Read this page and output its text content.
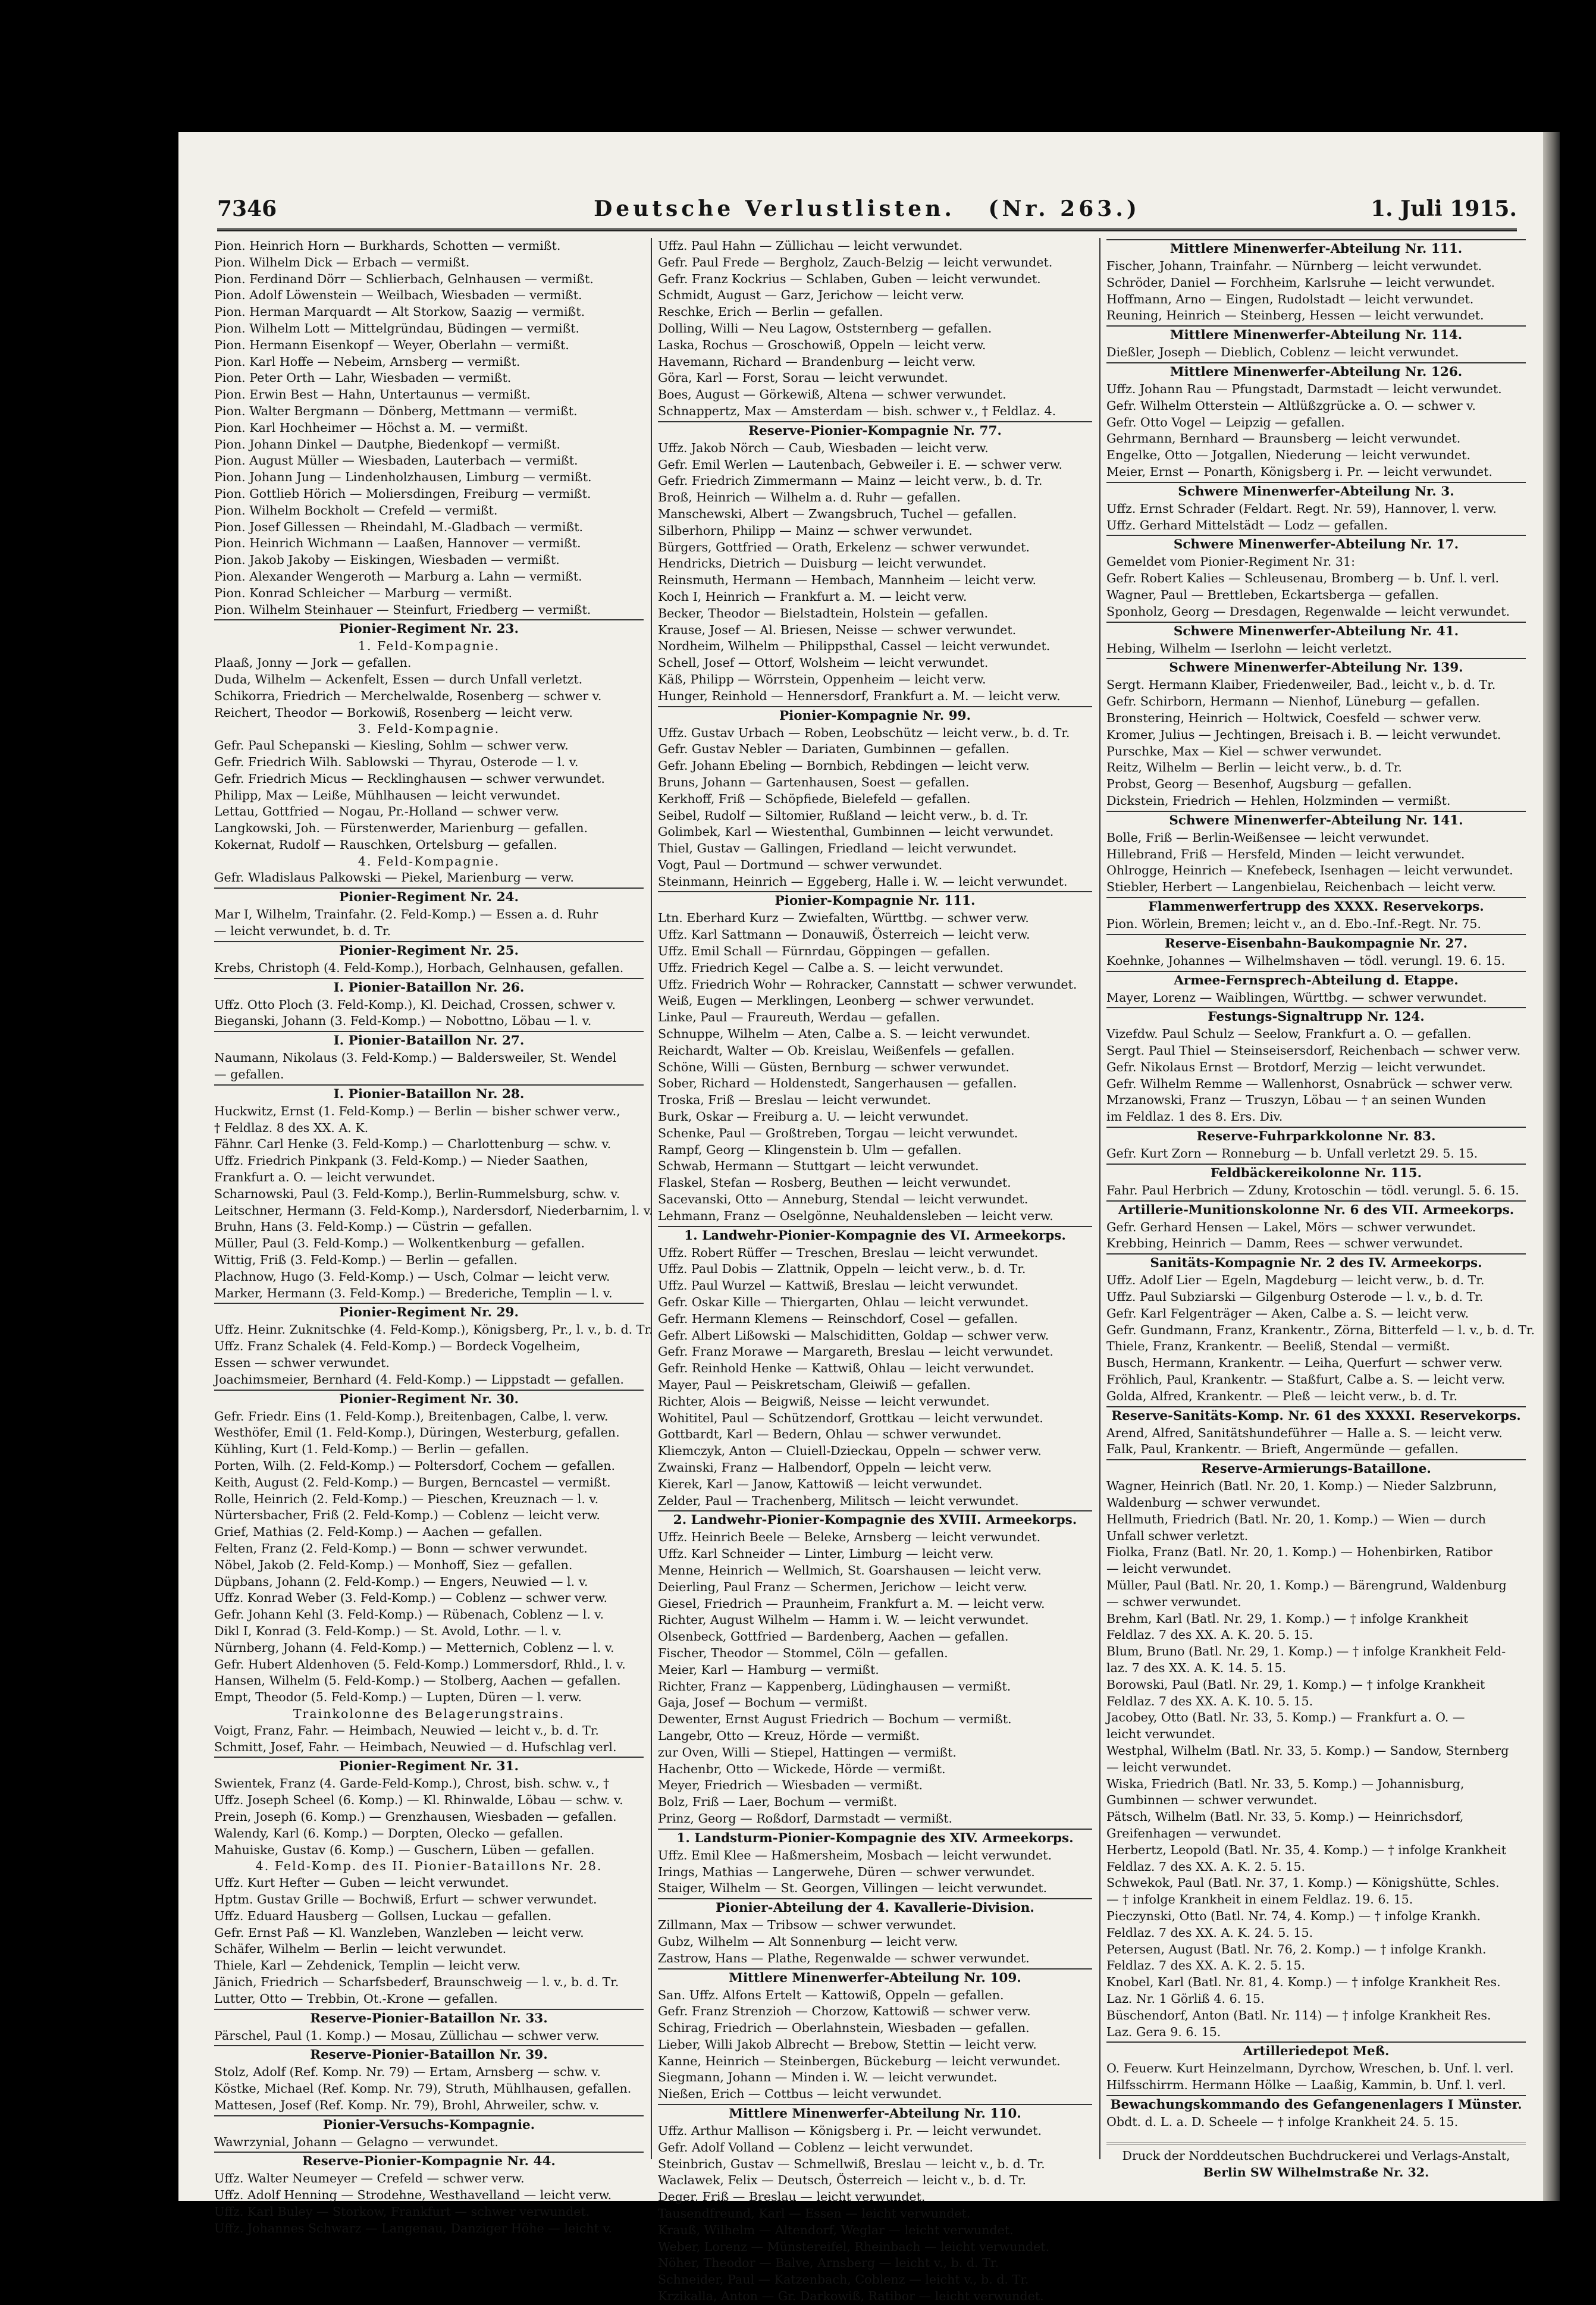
7346	Deutsche Verlustlisten. (Nr. 263.)	1. Juli 1915.
Pion. Heinrich Horn — Burkhards, Schotten — vermißt.
Pion. Wilhelm Dick — Erbach — vermißt.
Pion. Ferdinand Dörr — Schlierbach, Gelnhausen — vermißt.
Pion. Adolf Löwenstein — Weilbach, Wiesbaden — vermißt.
Pion. Herman Marquardt — Alt Storkow, Saazig — vermißt.
Pion. Wilhelm Lott — Mittelgründau, Büdingen — vermißt.
Pion. Hermann Eisenkopf — Weyer, Oberlahn — vermißt.
Pion. Karl Hoffe — Nebeim, Arnsberg — vermißt.
Pion. Peter Orth — Lahr, Wiesbaden — vermißt.
Pion. Erwin Best — Hahn, Untertaunus — vermißt.
Pion. Walter Bergmann — Dönberg, Mettmann — vermißt.
Pion. Karl Hochheimer — Höchst a. M. — vermißt.
Pion. Johann Dinkel — Dautphe, Biedenkopf — vermißt.
Pion. August Müller — Wiesbaden, Lauterbach — vermißt.
Pion. Johann Jung — Lindenholzhausen, Limburg — vermißt.
Pion. Gottlieb Hörich — Moliersdingen, Freiburg — vermißt.
Pion. Wilhelm Bockholt — Crefeld — vermißt.
Pion. Josef Gillessen — Rheindahl, M.-Gladbach — vermißt.
Pion. Heinrich Wichmann — Laaßen, Hannover — vermißt.
Pion. Jakob Jakoby — Eiskingen, Wiesbaden — vermißt.
Pion. Alexander Wengeroth — Marburg a. Lahn — vermißt.
Pion. Konrad Schleicher — Marburg — vermißt.
Pion. Wilhelm Steinhauer — Steinfurt, Friedberg — vermißt.
Pionier-Regiment Nr. 23.
1. Feld-Kompagnie.
Plaaß, Jonny — Jork — gefallen.
Duda, Wilhelm — Ackenfelt, Essen — durch Unfall verletzt.
Schikorra, Friedrich — Merchelwalde, Rosenberg — schwer v.
Reichert, Theodor — Borkowiß, Rosenberg — leicht verw.
3. Feld-Kompagnie.
Gefr. Paul Schepanski — Kiesling, Sohlm — schwer verw.
Gefr. Friedrich Wilh. Sablowski — Thyrau, Osterode — l. v.
Gefr. Friedrich Micus — Recklinghausen — schwer verwundet.
Philipp, Max — Leiße, Mühlhausen — leicht verwundet.
Lettau, Gottfried — Nogau, Pr.-Holland — schwer verw.
Langkowski, Joh. — Fürstenwerder, Marienburg — gefallen.
Kokernat, Rudolf — Rauschken, Ortelsburg — gefallen.
4. Feld-Kompagnie.
Gefr. Wladislaus Palkowski — Piekel, Marienburg — verw.
Pionier-Regiment Nr. 24.
Mar I, Wilhelm, Trainfahr. (2. Feld-Komp.) — Essen a. d. Ruhr
— leicht verwundet, b. d. Tr.
Pionier-Regiment Nr. 25.
Krebs, Christoph (4. Feld-Komp.), Horbach, Gelnhausen, gefallen.
I. Pionier-Bataillon Nr. 26.
Uffz. Otto Ploch (3. Feld-Komp.), Kl. Deichad, Crossen, schwer v.
Bieganski, Johann (3. Feld-Komp.) — Nobottno, Löbau — l. v.
I. Pionier-Bataillon Nr. 27.
Naumann, Nikolaus (3. Feld-Komp.) — Baldersweiler, St. Wendel
— gefallen.
I. Pionier-Bataillon Nr. 28.
Huckwitz, Ernst (1. Feld-Komp.) — Berlin — bisher schwer verw.,
† Feldlaz. 8 des XX. A. K.
Fähnr. Carl Henke (3. Feld-Komp.) — Charlottenburg — schw. v.
Uffz. Friedrich Pinkpank (3. Feld-Komp.) — Nieder Saathen,
Frankfurt a. O. — leicht verwundet.
Scharnowski, Paul (3. Feld-Komp.), Berlin-Rummelsburg, schw. v.
Leitschner, Hermann (3. Feld-Komp.), Nardersdorf, Niederbarnim, l. v.
Bruhn, Hans (3. Feld-Komp.) — Cüstrin — gefallen.
Müller, Paul (3. Feld-Komp.) — Wolkentkenburg — gefallen.
Wittig, Friß (3. Feld-Komp.) — Berlin — gefallen.
Plachnow, Hugo (3. Feld-Komp.) — Usch, Colmar — leicht verw.
Marker, Hermann (3. Feld-Komp.) — Brederiche, Templin — l. v.
Pionier-Regiment Nr. 29.
Uffz. Heinr. Zuknitschke (4. Feld-Komp.), Königsberg, Pr., l. v., b. d. Tr.
Uffz. Franz Schalek (4. Feld-Komp.) — Bordeck Vogelheim,
Essen — schwer verwundet.
Joachimsmeier, Bernhard (4. Feld-Komp.) — Lippstadt — gefallen.
Pionier-Regiment Nr. 30.
Gefr. Friedr. Eins (1. Feld-Komp.), Breitenbagen, Calbe, l. verw.
Westhöfer, Emil (1. Feld-Komp.), Düringen, Westerburg, gefallen.
Kühling, Kurt (1. Feld-Komp.) — Berlin — gefallen.
Porten, Wilh. (2. Feld-Komp.) — Poltersdorf, Cochem — gefallen.
Keith, August (2. Feld-Komp.) — Burgen, Berncastel — vermißt.
Rolle, Heinrich (2. Feld-Komp.) — Pieschen, Kreuznach — l. v.
Nürtersbacher, Friß (2. Feld-Komp.) — Coblenz — leicht verw.
Grief, Mathias (2. Feld-Komp.) — Aachen — gefallen.
Felten, Franz (2. Feld-Komp.) — Bonn — schwer verwundet.
Nöbel, Jakob (2. Feld-Komp.) — Monhoff, Siez — gefallen.
Düpbans, Johann (2. Feld-Komp.) — Engers, Neuwied — l. v.
Uffz. Konrad Weber (3. Feld-Komp.) — Coblenz — schwer verw.
Gefr. Johann Kehl (3. Feld-Komp.) — Rübenach, Coblenz — l. v.
Dikl I, Konrad (3. Feld-Komp.) — St. Avold, Lothr. — l. v.
Nürnberg, Johann (4. Feld-Komp.) — Metternich, Coblenz — l. v.
Gefr. Hubert Aldenhoven (5. Feld-Komp.) Lommersdorf, Rhld., l. v.
Hansen, Wilhelm (5. Feld-Komp.) — Stolberg, Aachen — gefallen.
Empt, Theodor (5. Feld-Komp.) — Lupten, Düren — l. verw.
Trainkolonne des Belagerungstrains.
Voigt, Franz, Fahr. — Heimbach, Neuwied — leicht v., b. d. Tr.
Schmitt, Josef, Fahr. — Heimbach, Neuwied — d. Hufschlag verl.
Pionier-Regiment Nr. 31.
Swientek, Franz (4. Garde-Feld-Komp.), Chrost, bish. schw. v., †
Uffz. Joseph Scheel (6. Komp.) — Kl. Rhinwalde, Löbau — schw. v.
Prein, Joseph (6. Komp.) — Grenzhausen, Wiesbaden — gefallen.
Walendy, Karl (6. Komp.) — Dorpten, Olecko — gefallen.
Mahuiske, Gustav (6. Komp.) — Guschern, Lüben — gefallen.
4. Feld-Komp. des II. Pionier-Bataillons Nr. 28.
Uffz. Kurt Hefter — Guben — leicht verwundet.
Hptm. Gustav Grille — Bochwiß, Erfurt — schwer verwundet.
Uffz. Eduard Hausberg — Gollsen, Luckau — gefallen.
Gefr. Ernst Paß — Kl. Wanzleben, Wanzleben — leicht verw.
Schäfer, Wilhelm — Berlin — leicht verwundet.
Thiele, Karl — Zehdenick, Templin — leicht verw.
Jänich, Friedrich — Scharfsbederf, Braunschweig — l. v., b. d. Tr.
Lutter, Otto — Trebbin, Ot.-Krone — gefallen.
Reserve-Pionier-Bataillon Nr. 33.
Pärschel, Paul (1. Komp.) — Mosau, Züllichau — schwer verw.
Reserve-Pionier-Bataillon Nr. 39.
Stolz, Adolf (Ref. Komp. Nr. 79) — Ertam, Arnsberg — schw. v.
Köstke, Michael (Ref. Komp. Nr. 79), Struth, Mühlhausen, gefallen.
Mattesen, Josef (Ref. Komp. Nr. 79), Brohl, Ahrweiler, schw. v.
Pionier-Versuchs-Kompagnie.
Wawrzynial, Johann — Gelagno — verwundet.
Reserve-Pionier-Kompagnie Nr. 44.
Uffz. Walter Neumeyer — Crefeld — schwer verw.
Uffz. Adolf Henning — Strodehne, Westhavelland — leicht verw.
Uffz. Karl Buley — Storkow, Frankfurt — schwer verwundet.
Uffz. Johannes Schwarz — Langenau, Danziger Höhe — leicht v.
Uffz. Paul Hahn — Züllichau — leicht verwundet.
Gefr. Paul Frede — Bergholz, Zauch-Belzig — leicht verwundet.
Gefr. Franz Kockrius — Schlaben, Guben — leicht verwundet.
Schmidt, August — Garz, Jerichow — leicht verw.
Reschke, Erich — Berlin — gefallen.
Dolling, Willi — Neu Lagow, Oststernberg — gefallen.
Laska, Rochus — Groschowiß, Oppeln — leicht verw.
Havemann, Richard — Brandenburg — leicht verw.
Göra, Karl — Forst, Sorau — leicht verwundet.
Boes, August — Görkewiß, Altena — schwer verwundet.
Schnappertz, Max — Amsterdam — bish. schwer v., † Feldlaz. 4.
Reserve-Pionier-Kompagnie Nr. 77.
Uffz. Jakob Nörch — Caub, Wiesbaden — leicht verw.
Gefr. Emil Werlen — Lautenbach, Gebweiler i. E. — schwer verw.
Gefr. Friedrich Zimmermann — Mainz — leicht verw., b. d. Tr.
Broß, Heinrich — Wilhelm a. d. Ruhr — gefallen.
Manschewski, Albert — Zwangsbruch, Tuchel — gefallen.
Silberhorn, Philipp — Mainz — schwer verwundet.
Bürgers, Gottfried — Orath, Erkelenz — schwer verwundet.
Hendricks, Dietrich — Duisburg — leicht verwundet.
Reinsmuth, Hermann — Hembach, Mannheim — leicht verw.
Koch I, Heinrich — Frankfurt a. M. — leicht verw.
Becker, Theodor — Bielstadtein, Holstein — gefallen.
Krause, Josef — Al. Briesen, Neisse — schwer verwundet.
Nordheim, Wilhelm — Philippsthal, Cassel — leicht verwundet.
Schell, Josef — Ottorf, Wolsheim — leicht verwundet.
Käß, Philipp — Wörrstein, Oppenheim — leicht verw.
Hunger, Reinhold — Hennersdorf, Frankfurt a. M. — leicht verw.
Pionier-Kompagnie Nr. 99.
Uffz. Gustav Urbach — Roben, Leobschütz — leicht verw., b. d. Tr.
Gefr. Gustav Nebler — Dariaten, Gumbinnen — gefallen.
Gefr. Johann Ebeling — Bornbich, Rebdingen — leicht verw.
Bruns, Johann — Gartenhausen, Soest — gefallen.
Kerkhoff, Friß — Schöpfiede, Bielefeld — gefallen.
Seibel, Rudolf — Siltomier, Rußland — leicht verw., b. d. Tr.
Golimbek, Karl — Wiestenthal, Gumbinnen — leicht verwundet.
Thiel, Gustav — Gallingen, Friedland — leicht verwundet.
Vogt, Paul — Dortmund — schwer verwundet.
Steinmann, Heinrich — Eggeberg, Halle i. W. — leicht verwundet.
Pionier-Kompagnie Nr. 111.
Ltn. Eberhard Kurz — Zwiefalten, Württbg. — schwer verw.
Uffz. Karl Sattmann — Donauwiß, Österreich — leicht verw.
Uffz. Emil Schall — Fürnrdau, Göppingen — gefallen.
Uffz. Friedrich Kegel — Calbe a. S. — leicht verwundet.
Uffz. Friedrich Wohr — Rohracker, Cannstatt — schwer verwundet.
Weiß, Eugen — Merklingen, Leonberg — schwer verwundet.
Linke, Paul — Fraureuth, Werdau — gefallen.
Schnuppe, Wilhelm — Aten, Calbe a. S. — leicht verwundet.
Reichardt, Walter — Ob. Kreislau, Weißenfels — gefallen.
Schöne, Willi — Güsten, Bernburg — schwer verwundet.
Sober, Richard — Holdenstedt, Sangerhausen — gefallen.
Troska, Friß — Breslau — leicht verwundet.
Burk, Oskar — Freiburg a. U. — leicht verwundet.
Schenke, Paul — Großtreben, Torgau — leicht verwundet.
Rampf, Georg — Klingenstein b. Ulm — gefallen.
Schwab, Hermann — Stuttgart — leicht verwundet.
Flaskel, Stefan — Rosberg, Beuthen — leicht verwundet.
Sacevanski, Otto — Anneburg, Stendal — leicht verwundet.
Lehmann, Franz — Oselgönne, Neuhaldensleben — leicht verw.
1. Landwehr-Pionier-Kompagnie des VI. Armeekorps.
Uffz. Robert Rüffer — Treschen, Breslau — leicht verwundet.
Uffz. Paul Dobis — Zlattnik, Oppeln — leicht verw., b. d. Tr.
Uffz. Paul Wurzel — Kattwiß, Breslau — leicht verwundet.
Gefr. Oskar Kille — Thiergarten, Ohlau — leicht verwundet.
Gefr. Hermann Klemens — Reinschdorf, Cosel — gefallen.
Gefr. Albert Lißowski — Malschiditten, Goldap — schwer verw.
Gefr. Franz Morawe — Margareth, Breslau — leicht verwundet.
Gefr. Reinhold Henke — Kattwiß, Ohlau — leicht verwundet.
Mayer, Paul — Peiskretscham, Gleiwiß — gefallen.
Richter, Alois — Beigwiß, Neisse — leicht verwundet.
Wohititel, Paul — Schützendorf, Grottkau — leicht verwundet.
Gottbardt, Karl — Bedern, Ohlau — schwer verwundet.
Kliemczyk, Anton — Cluiell-Dzieckau, Oppeln — schwer verw.
Zwainski, Franz — Halbendorf, Oppeln — leicht verw.
Kierek, Karl — Janow, Kattowiß — leicht verwundet.
Zelder, Paul — Trachenberg, Militsch — leicht verwundet.
2. Landwehr-Pionier-Kompagnie des XVIII. Armeekorps.
Uffz. Heinrich Beele — Beleke, Arnsberg — leicht verwundet.
Uffz. Karl Schneider — Linter, Limburg — leicht verw.
Menne, Heinrich — Wellmich, St. Goarshausen — leicht verw.
Deierling, Paul Franz — Schermen, Jerichow — leicht verw.
Giesel, Friedrich — Praunheim, Frankfurt a. M. — leicht verw.
Richter, August Wilhelm — Hamm i. W. — leicht verwundet.
Olsenbeck, Gottfried — Bardenberg, Aachen — gefallen.
Fischer, Theodor — Stommel, Cöln — gefallen.
Meier, Karl — Hamburg — vermißt.
Richter, Franz — Kappenberg, Lüdinghausen — vermißt.
Gaja, Josef — Bochum — vermißt.
Dewenter, Ernst August Friedrich — Bochum — vermißt.
Langebr, Otto — Kreuz, Hörde — vermißt.
zur Oven, Willi — Stiepel, Hattingen — vermißt.
Hachenbr, Otto — Wickede, Hörde — vermißt.
Meyer, Friedrich — Wiesbaden — vermißt.
Bolz, Friß — Laer, Bochum — vermißt.
Prinz, Georg — Roßdorf, Darmstadt — vermißt.
1. Landsturm-Pionier-Kompagnie des XIV. Armeekorps.
Uffz. Emil Klee — Haßmersheim, Mosbach — leicht verwundet.
Irings, Mathias — Langerwehe, Düren — schwer verwundet.
Staiger, Wilhelm — St. Georgen, Villingen — leicht verwundet.
Pionier-Abteilung der 4. Kavallerie-Division.
Zillmann, Max — Tribsow — schwer verwundet.
Gubz, Wilhelm — Alt Sonnenburg — leicht verw.
Zastrow, Hans — Plathe, Regenwalde — schwer verwundet.
Mittlere Minenwerfer-Abteilung Nr. 109.
San. Uffz. Alfons Ertelt — Kattowiß, Oppeln — gefallen.
Gefr. Franz Strenzioh — Chorzow, Kattowiß — schwer verw.
Schirag, Friedrich — Oberlahnstein, Wiesbaden — gefallen.
Lieber, Willi Jakob Albrecht — Brebow, Stettin — leicht verw.
Kanne, Heinrich — Steinbergen, Bückeburg — leicht verwundet.
Siegmann, Johann — Minden i. W. — leicht verwundet.
Nießen, Erich — Cottbus — leicht verwundet.
Mittlere Minenwerfer-Abteilung Nr. 110.
Uffz. Arthur Mallison — Königsberg i. Pr. — leicht verwundet.
Gefr. Adolf Volland — Coblenz — leicht verwundet.
Steinbrich, Gustav — Schmellwiß, Breslau — leicht v., b. d. Tr.
Waclawek, Felix — Deutsch, Österreich — leicht v., b. d. Tr.
Deger, Friß — Breslau — leicht verwundet.
Tausendfreund, Karl — Essen — leicht verwundet.
Krauß, Wilhelm — Altendorf, Weglar — leicht verwundet.
Weber, Lorenz — Münstereifel, Rheinbach — leicht verwundet.
Nöher, Theodor — Balve, Arnsberg — leicht v., b. d. Tr.
Schneider, Paul — Katzenbach, Coblenz — leicht v., b. d. Tr.
Krzikalla, Anton — Gr. Darkowiß, Ratibor — leicht verwundet.
Mittlere Minenwerfer-Abteilung Nr. 111.
Fischer, Johann, Trainfahr. — Nürnberg — leicht verwundet.
Schröder, Daniel — Forchheim, Karlsruhe — leicht verwundet.
Hoffmann, Arno — Eingen, Rudolstadt — leicht verwundet.
Reuning, Heinrich — Steinberg, Hessen — leicht verwundet.
Mittlere Minenwerfer-Abteilung Nr. 114.
Dießler, Joseph — Dieblich, Coblenz — leicht verwundet.
Mittlere Minenwerfer-Abteilung Nr. 126.
Uffz. Johann Rau — Pfungstadt, Darmstadt — leicht verwundet.
Gefr. Wilhelm Otterstein — Altlüßzgrücke a. O. — schwer v.
Gefr. Otto Vogel — Leipzig — gefallen.
Gehrmann, Bernhard — Braunsberg — leicht verwundet.
Engelke, Otto — Jotgallen, Niederung — leicht verwundet.
Meier, Ernst — Ponarth, Königsberg i. Pr. — leicht verwundet.
Schwere Minenwerfer-Abteilung Nr. 3.
Uffz. Ernst Schrader (Feldart. Regt. Nr. 59), Hannover, l. verw.
Uffz. Gerhard Mittelstädt — Lodz — gefallen.
Schwere Minenwerfer-Abteilung Nr. 17.
Gemeldet vom Pionier-Regiment Nr. 31:
Gefr. Robert Kalies — Schleusenau, Bromberg — b. Unf. l. verl.
Wagner, Paul — Brettleben, Eckartsberga — gefallen.
Sponholz, Georg — Dresdagen, Regenwalde — leicht verwundet.
Schwere Minenwerfer-Abteilung Nr. 41.
Hebing, Wilhelm — Iserlohn — leicht verletzt.
Schwere Minenwerfer-Abteilung Nr. 139.
Sergt. Hermann Klaiber, Friedenweiler, Bad., leicht v., b. d. Tr.
Gefr. Schirborn, Hermann — Nienhof, Lüneburg — gefallen.
Bronstering, Heinrich — Holtwick, Coesfeld — schwer verw.
Kromer, Julius — Jechtingen, Breisach i. B. — leicht verwundet.
Purschke, Max — Kiel — schwer verwundet.
Reitz, Wilhelm — Berlin — leicht verw., b. d. Tr.
Probst, Georg — Besenhof, Augsburg — gefallen.
Dickstein, Friedrich — Hehlen, Holzminden — vermißt.
Schwere Minenwerfer-Abteilung Nr. 141.
Bolle, Friß — Berlin-Weißensee — leicht verwundet.
Hillebrand, Friß — Hersfeld, Minden — leicht verwundet.
Ohlrogge, Heinrich — Knefebeck, Isenhagen — leicht verwundet.
Stiebler, Herbert — Langenbielau, Reichenbach — leicht verw.
Flammenwerfertrupp des XXXX. Reservekorps.
Pion. Wörlein, Bremen; leicht v., an d. Ebo.-Inf.-Regt. Nr. 75.
Reserve-Eisenbahn-Baukompagnie Nr. 27.
Koehnke, Johannes — Wilhelmshaven — tödl. verungl. 19. 6. 15.
Armee-Fernsprech-Abteilung d. Etappe.
Mayer, Lorenz — Waiblingen, Württbg. — schwer verwundet.
Festungs-Signaltrupp Nr. 124.
Vizefdw. Paul Schulz — Seelow, Frankfurt a. O. — gefallen.
Sergt. Paul Thiel — Steinseisersdorf, Reichenbach — schwer verw.
Gefr. Nikolaus Ernst — Brotdorf, Merzig — leicht verwundet.
Gefr. Wilhelm Remme — Wallenhorst, Osnabrück — schwer verw.
Mrzanowski, Franz — Truszyn, Löbau — † an seinen Wunden
im Feldlaz. 1 des 8. Ers. Div.
Reserve-Fuhrparkkolonne Nr. 83.
Gefr. Kurt Zorn — Ronneburg — b. Unfall verletzt 29. 5. 15.
Feldbäckereikolonne Nr. 115.
Fahr. Paul Herbrich — Zduny, Krotoschin — tödl. verungl. 5. 6. 15.
Artillerie-Munitionskolonne Nr. 6 des VII. Armeekorps.
Gefr. Gerhard Hensen — Lakel, Mörs — schwer verwundet.
Krebbing, Heinrich — Damm, Rees — schwer verwundet.
Sanitäts-Kompagnie Nr. 2 des IV. Armeekorps.
Uffz. Adolf Lier — Egeln, Magdeburg — leicht verw., b. d. Tr.
Uffz. Paul Subziarski — Gilgenburg Osterode — l. v., b. d. Tr.
Gefr. Karl Felgenträger — Aken, Calbe a. S. — leicht verw.
Gefr. Gundmann, Franz, Krankentr., Zörna, Bitterfeld — l. v., b. d. Tr.
Thiele, Franz, Krankentr. — Beeliß, Stendal — vermißt.
Busch, Hermann, Krankentr. — Leiha, Querfurt — schwer verw.
Fröhlich, Paul, Krankentr. — Staßfurt, Calbe a. S. — leicht verw.
Golda, Alfred, Krankentr. — Pleß — leicht verw., b. d. Tr.
Reserve-Sanitäts-Komp. Nr. 61 des XXXXI. Reservekorps.
Arend, Alfred, Sanitätshundeführer — Halle a. S. — leicht verw.
Falk, Paul, Krankentr. — Brieft, Angermünde — gefallen.
Reserve-Armierungs-Bataillone.
Wagner, Heinrich (Batl. Nr. 20, 1. Komp.) — Nieder Salzbrunn,
Waldenburg — schwer verwundet.
Hellmuth, Friedrich (Batl. Nr. 20, 1. Komp.) — Wien — durch
Unfall schwer verletzt.
Fiolka, Franz (Batl. Nr. 20, 1. Komp.) — Hohenbirken, Ratibor
— leicht verwundet.
Müller, Paul (Batl. Nr. 20, 1. Komp.) — Bärengrund, Waldenburg
— schwer verwundet.
Brehm, Karl (Batl. Nr. 29, 1. Komp.) — † infolge Krankheit
Feldlaz. 7 des XX. A. K. 20. 5. 15.
Blum, Bruno (Batl. Nr. 29, 1. Komp.) — † infolge Krankheit Feld-
laz. 7 des XX. A. K. 14. 5. 15.
Borowski, Paul (Batl. Nr. 29, 1. Komp.) — † infolge Krankheit
Feldlaz. 7 des XX. A. K. 10. 5. 15.
Jacobey, Otto (Batl. Nr. 33, 5. Komp.) — Frankfurt a. O. —
leicht verwundet.
Westphal, Wilhelm (Batl. Nr. 33, 5. Komp.) — Sandow, Sternberg
— leicht verwundet.
Wiska, Friedrich (Batl. Nr. 33, 5. Komp.) — Johannisburg,
Gumbinnen — schwer verwundet.
Pätsch, Wilhelm (Batl. Nr. 33, 5. Komp.) — Heinrichsdorf,
Greifenhagen — verwundet.
Herbertz, Leopold (Batl. Nr. 35, 4. Komp.) — † infolge Krankheit
Feldlaz. 7 des XX. A. K. 2. 5. 15.
Schwekok, Paul (Batl. Nr. 37, 1. Komp.) — Königshütte, Schles.
— † infolge Krankheit in einem Feldlaz. 19. 6. 15.
Pieczynski, Otto (Batl. Nr. 74, 4. Komp.) — † infolge Krankh.
Feldlaz. 7 des XX. A. K. 24. 5. 15.
Petersen, August (Batl. Nr. 76, 2. Komp.) — † infolge Krankh.
Feldlaz. 7 des XX. A. K. 2. 5. 15.
Knobel, Karl (Batl. Nr. 81, 4. Komp.) — † infolge Krankheit Res.
Laz. Nr. 1 Görliß 4. 6. 15.
Büschendorf, Anton (Batl. Nr. 114) — † infolge Krankheit Res.
Laz. Gera 9. 6. 15.
Artilleriedepot Meß.
O. Feuerw. Kurt Heinzelmann, Dyrchow, Wreschen, b. Unf. l. verl.
Hilfsschirrm. Hermann Hölke — Laaßig, Kammin, b. Unf. l. verl.
Bewachungskommando des Gefangenenlagers I Münster.
Obdt. d. L. a. D. Scheele — † infolge Krankheit 24. 5. 15.
Druck der Norddeutschen Buchdruckerei und Verlags-Anstalt,
Berlin SW Wilhelmstraße Nr. 32.
